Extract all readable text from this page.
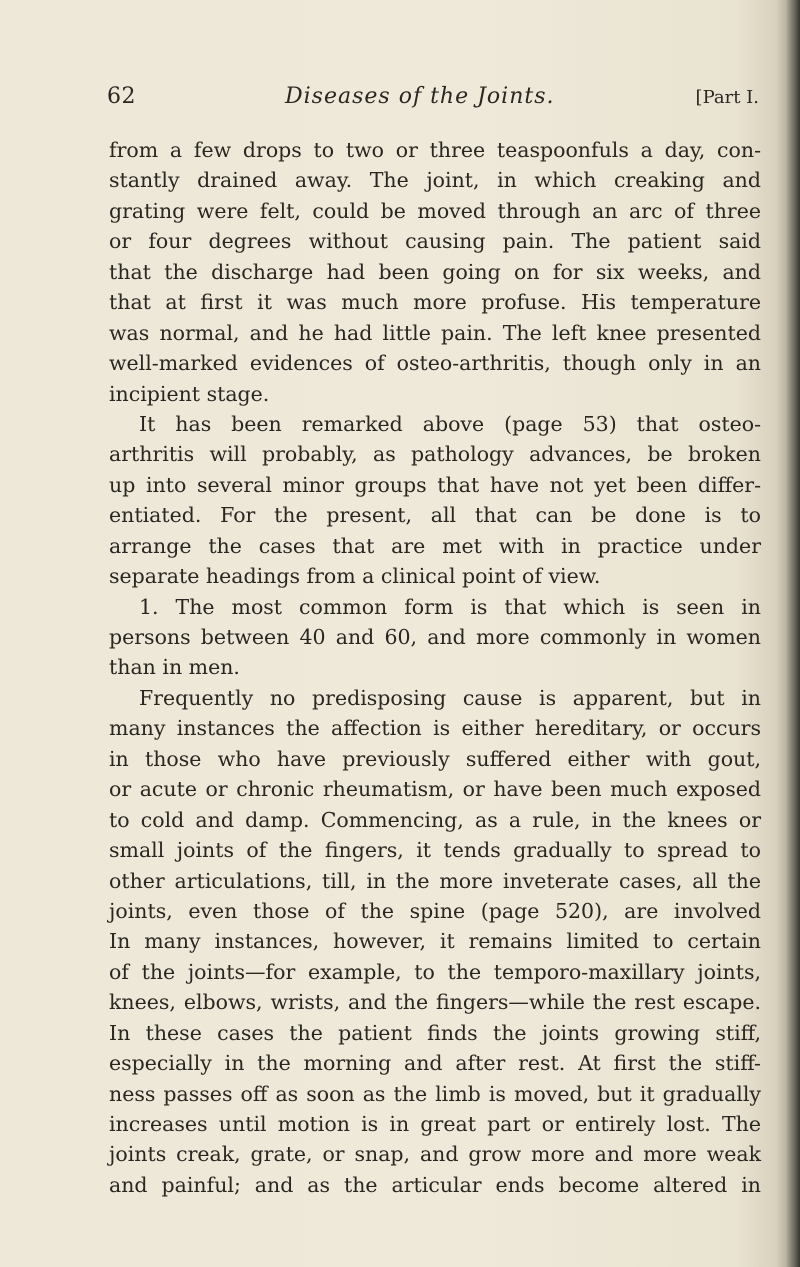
62	Diseases of the Joints.	[Part I.
from a few drops to two or three teaspoonfuls a day, con-
stantly drained away. The joint, in which creaking and
grating were felt, could be moved through an arc of three
or four degrees without causing pain. The patient said
that the discharge had been going on for six weeks, and
that at first it was much more profuse. His temperature
was normal, and he had little pain. The left knee presented
well-marked evidences of osteo-arthritis, though only in an
incipient stage.
It has been remarked above (page 53) that osteo-
arthritis will probably, as pathology advances, be broken
up into several minor groups that have not yet been differ-
entiated. For the present, all that can be done is to
arrange the cases that are met with in practice under
separate headings from a clinical point of view.
1. The most common form is that which is seen in
persons between 40 and 60, and more commonly in women
than in men.
Frequently no predisposing cause is apparent, but in
many instances the affection is either hereditary, or occurs
in those who have previously suffered either with gout,
or acute or chronic rheumatism, or have been much exposed
to cold and damp. Commencing, as a rule, in the knees or
small joints of the fingers, it tends gradually to spread to
other articulations, till, in the more inveterate cases, all the
joints, even those of the spine (page 520), are involved
In many instances, however, it remains limited to certain
of the joints—for example, to the temporo-maxillary joints,
knees, elbows, wrists, and the fingers—while the rest escape.
In these cases the patient finds the joints growing stiff,
especially in the morning and after rest. At first the stiff-
ness passes off as soon as the limb is moved, but it gradually
increases until motion is in great part or entirely lost. The
joints creak, grate, or snap, and grow more and more weak
and painful; and as the articular ends become altered in
